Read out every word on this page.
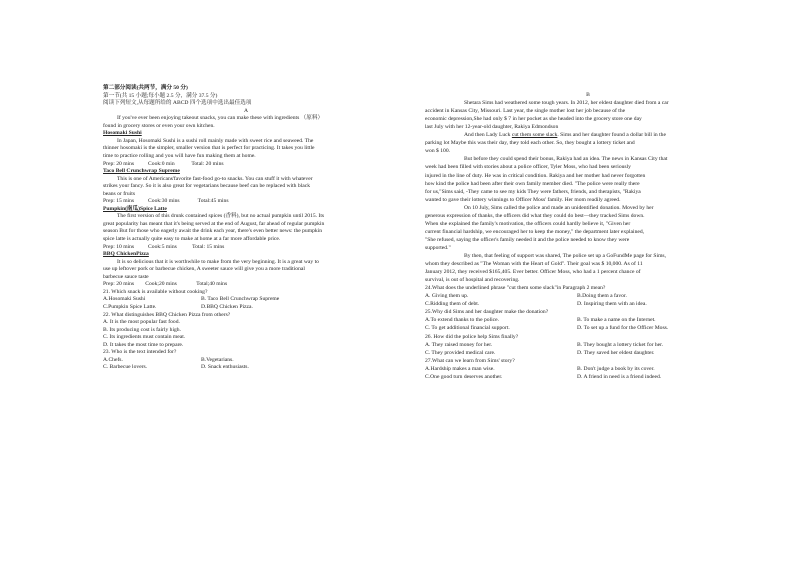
第二部分阅读(共两节，满分 50 分)
第一节(共 15 小题;每小题 2.5 分，满分 37.5 分)
阅读下列短文,从每题所给的 ABCD 四个选项中选出最佳选项
A
If you've ever been enjoying takeout snacks, you can make these with ingredients （原料）
found in grocery stores or even your own kitchen.
Hosomaki Sushi
In Japan, Hosomaki Sushi is a sushi roll mainly made with sweet rice and seaweed. The
thinner hosomaki is the simpler, smaller version that is perfect for practicing. It takes you little
time to practice rolling and you will have fun making them at home.
Prep: 20 mins          Cook:0 min            Total: 20 mins
Taco Bell Crunchwrap Supreme
This is one of Americans'favorite fast-food go-to snacks. You can stuff it with whatever
strikes your fancy. So it is also great for vegetarians because beef can be replaced with black
beans or fruits
Prep: 15 mins          Cook:30 mins             Total:45 mins
Pumpkin(南瓜)Spice Latte
The first version of this drunk contained spices (香料), but no actual pumpkin until 2015. Its
great popularity has meant that it's being served at the end of August, far ahead of regular pumpkin
season But for those who eagerly await the drink each year, there's even better news: the pumpkin
spice latte is actually quite easy to make at home at a far more affordable price.
Prep: 10 mins          Cook:5 mins           Total: 15 mins
BBQ ChickenPizza
It is so delicious that it is worthwhile to make from the very beginning. It is a great way to
use up leftover pork or barbecue chicken, A sweeter sauce will give you a more traditional
barbecue sauce taste
Prep: 20 mins        Cook;20 mins              Total;40 mins
21. Which snack is available without cooking?
A.Hosomaki Sushi	B. Taco Bell Crunchwrap Supreme
C.Pumpkin Spice Latte.	D.BBQ Chicken Pizza.
22. What distinguishes BBQ Chicken Pizza from others?
A. It is the most popular fast food.
B. Its producing cost is fairly high.
C. Its ingredients must contain meat.
D. It takes the most time to prepare.
23. Who is the text intended for?
A.Chefs.	B.Vegetarians.
C. Barbecue lovers.	D. Snack enthusiasts.
B
Shetara Sims had weathered some tough years. In 2012, her eldest daughter died from a car
accident in Kansas City, Missouri. Last year, the single mother lost her job because of the
economic depression,She had only $ 7 in her pocket as she headed into the grocery store one day
last July with her 12-year-old daughter, Rakiya Edmondson
And then Lady Luck cut them some slack. Sims and her daughter found a dollar bill in the
parking lot Maybe this was their day, they told each other. So, they bought a lottery ticket and
won $ 100.
But before they could spend their bonus, Rakiya had an idea. The news in Kansas City that
week had been filled with stories about a police officer, Tyler Moss, who had been seriously
injured in the line of duty. He was in critical condition. Rakiya and her mother had never forgotten
how kind the police had been after their own family member died. "The police were really there
for us,"Sims said, -They came to see my kids They were fathers, friends, and therapists, "Rakiya
wanted to gave their lottery winnings to Officer Moss' family. Her mom readily agreed.
On 10 July, Sims called the police and made an unidentified donation. Moved by her
generous expression of thanks, the officers did what they could do best—they tracked Sims down.
When she explained the family's motivation, the officers could hardly believe it, "Given her
current financial hardship, we encouraged her to keep the money," the department later explained,
"She refused, saying the officer's family needed it and the police needed to know they were
supported."
By then, that feeling of support was shared, The police set up a GoFundMe page for Sims,
whom they described as "The Woman with the Heart of Gold". Their goal was $ 10,000. As of 11
January 2012, they received $165,405. Ever better. Officer Moss, who had a 1 percent chance of
survival, is out of hospital and recovering.
24.What does the underlined phrase "cut them some slack"in Paragraph 2 mean?
A. Giving them up.	B.Doing them a favor.
C.Ridding them of debt.	D. Inspiring them with an idea.
25.Why did Sims and her daughter make the donation?
A.To extend thanks to the police.	B. To make a name on the Internet.
C. To get additional financial support.	D. To set up a fund for the Officer Moss.
26. How did the police help Sims finally?
A. They raised money for her.	B. They bought a lottery ticket for her.
C. They provided medical care.	D. They saved her eldest daughter.
27.What can we learn from Sims' story?
A.Hardship makes a man wise.	B. Don't judge a book by its cover.
C.One good turn deserves another.	D. A friend in need is a friend indeed.
